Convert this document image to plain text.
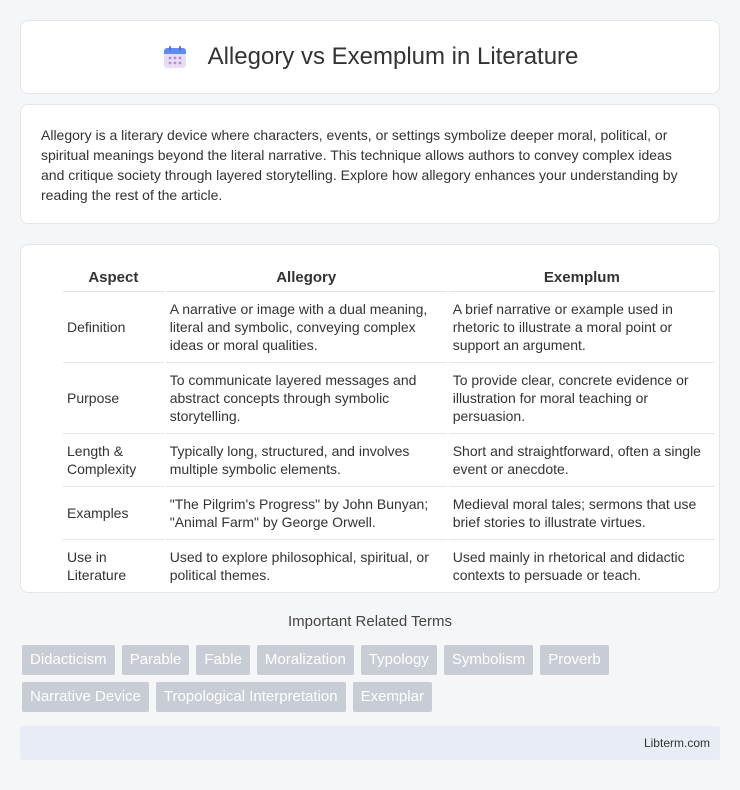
Allegory vs Exemplum in Literature

Allegory is a literary device where characters, events, or settings symbolize deeper moral, political, or spiritual meanings beyond the literal narrative. This technique allows authors to convey complex ideas and critique society through layered storytelling. Explore how allegory enhances your understanding by reading the rest of the article.

Aspect	Allegory	Exemplum
Definition	A narrative or image with a dual meaning, literal and symbolic, conveying complex ideas or moral qualities.	A brief narrative or example used in rhetoric to illustrate a moral point or support an argument.
Purpose	To communicate layered messages and abstract concepts through symbolic storytelling.	To provide clear, concrete evidence or illustration for moral teaching or persuasion.
Length & Complexity	Typically long, structured, and involves multiple symbolic elements.	Short and straightforward, often a single event or anecdote.
Examples	"The Pilgrim's Progress" by John Bunyan; "Animal Farm" by George Orwell.	Medieval moral tales; sermons that use brief stories to illustrate virtues.
Use in Literature	Used to explore philosophical, spiritual, or political themes.	Used mainly in rhetorical and didactic contexts to persuade or teach.
Important Related Terms
Didacticism	Parable	Fable	Moralization	Typology	Symbolism	Proverb
Narrative Device	Tropological Interpretation	Exemplar
Libterm.com
